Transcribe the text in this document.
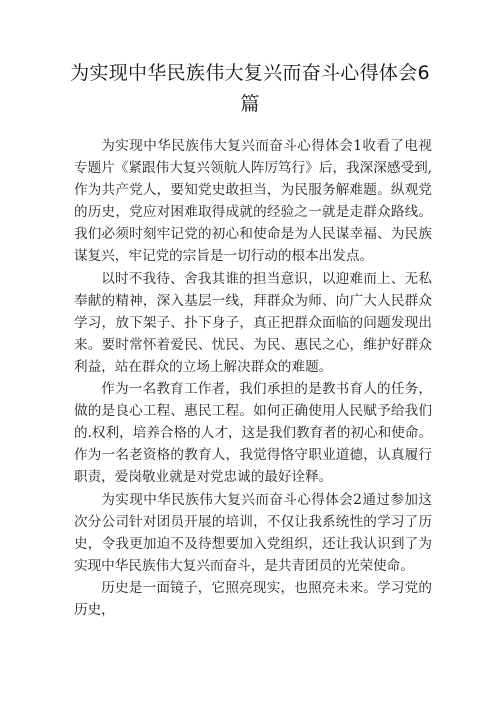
为实现中华民族伟大复兴而奋斗心得体会6篇

为实现中华民族伟大复兴而奋斗心得体会1收看了电视专题片《紧跟伟大复兴领航人阵厉笃行》后，我深深感受到,作为共产党人，要知党史敢担当，为民服务解难题。纵观党的历史，党应对困难取得成就的经验之一就是走群众路线。我们必须时刻牢记党的初心和使命是为人民谋幸福、为民族谋复兴，牢记党的宗旨是一切行动的根本出发点。

以时不我待、舍我其谁的担当意识，以迎难而上、无私奉献的精神，深入基层一线，拜群众为师、向广大人民群众学习，放下架子、扑下身子，真正把群众面临的问题发现出来。要时常怀着爱民、忧民、为民、惠民之心，维护好群众利益，站在群众的立场上解决群众的难题。

作为一名教育工作者，我们承担的是教书育人的任务，做的是良心工程、惠民工程。如何正确使用人民赋予给我们的.权利，培养合格的人才，这是我们教育者的初心和使命。作为一名老资格的教育人，我觉得恪守职业道德，认真履行职责，爱岗敬业就是对党忠诚的最好诠释。

为实现中华民族伟大复兴而奋斗心得体会2通过参加这次分公司针对团员开展的培训，不仅让我系统性的学习了历史，令我更加迫不及待想要加入党组织，还让我认识到了为实现中华民族伟大复兴而奋斗，是共青团员的光荣使命。

历史是一面镜子，它照亮现实，也照亮未来。学习党的历史，
